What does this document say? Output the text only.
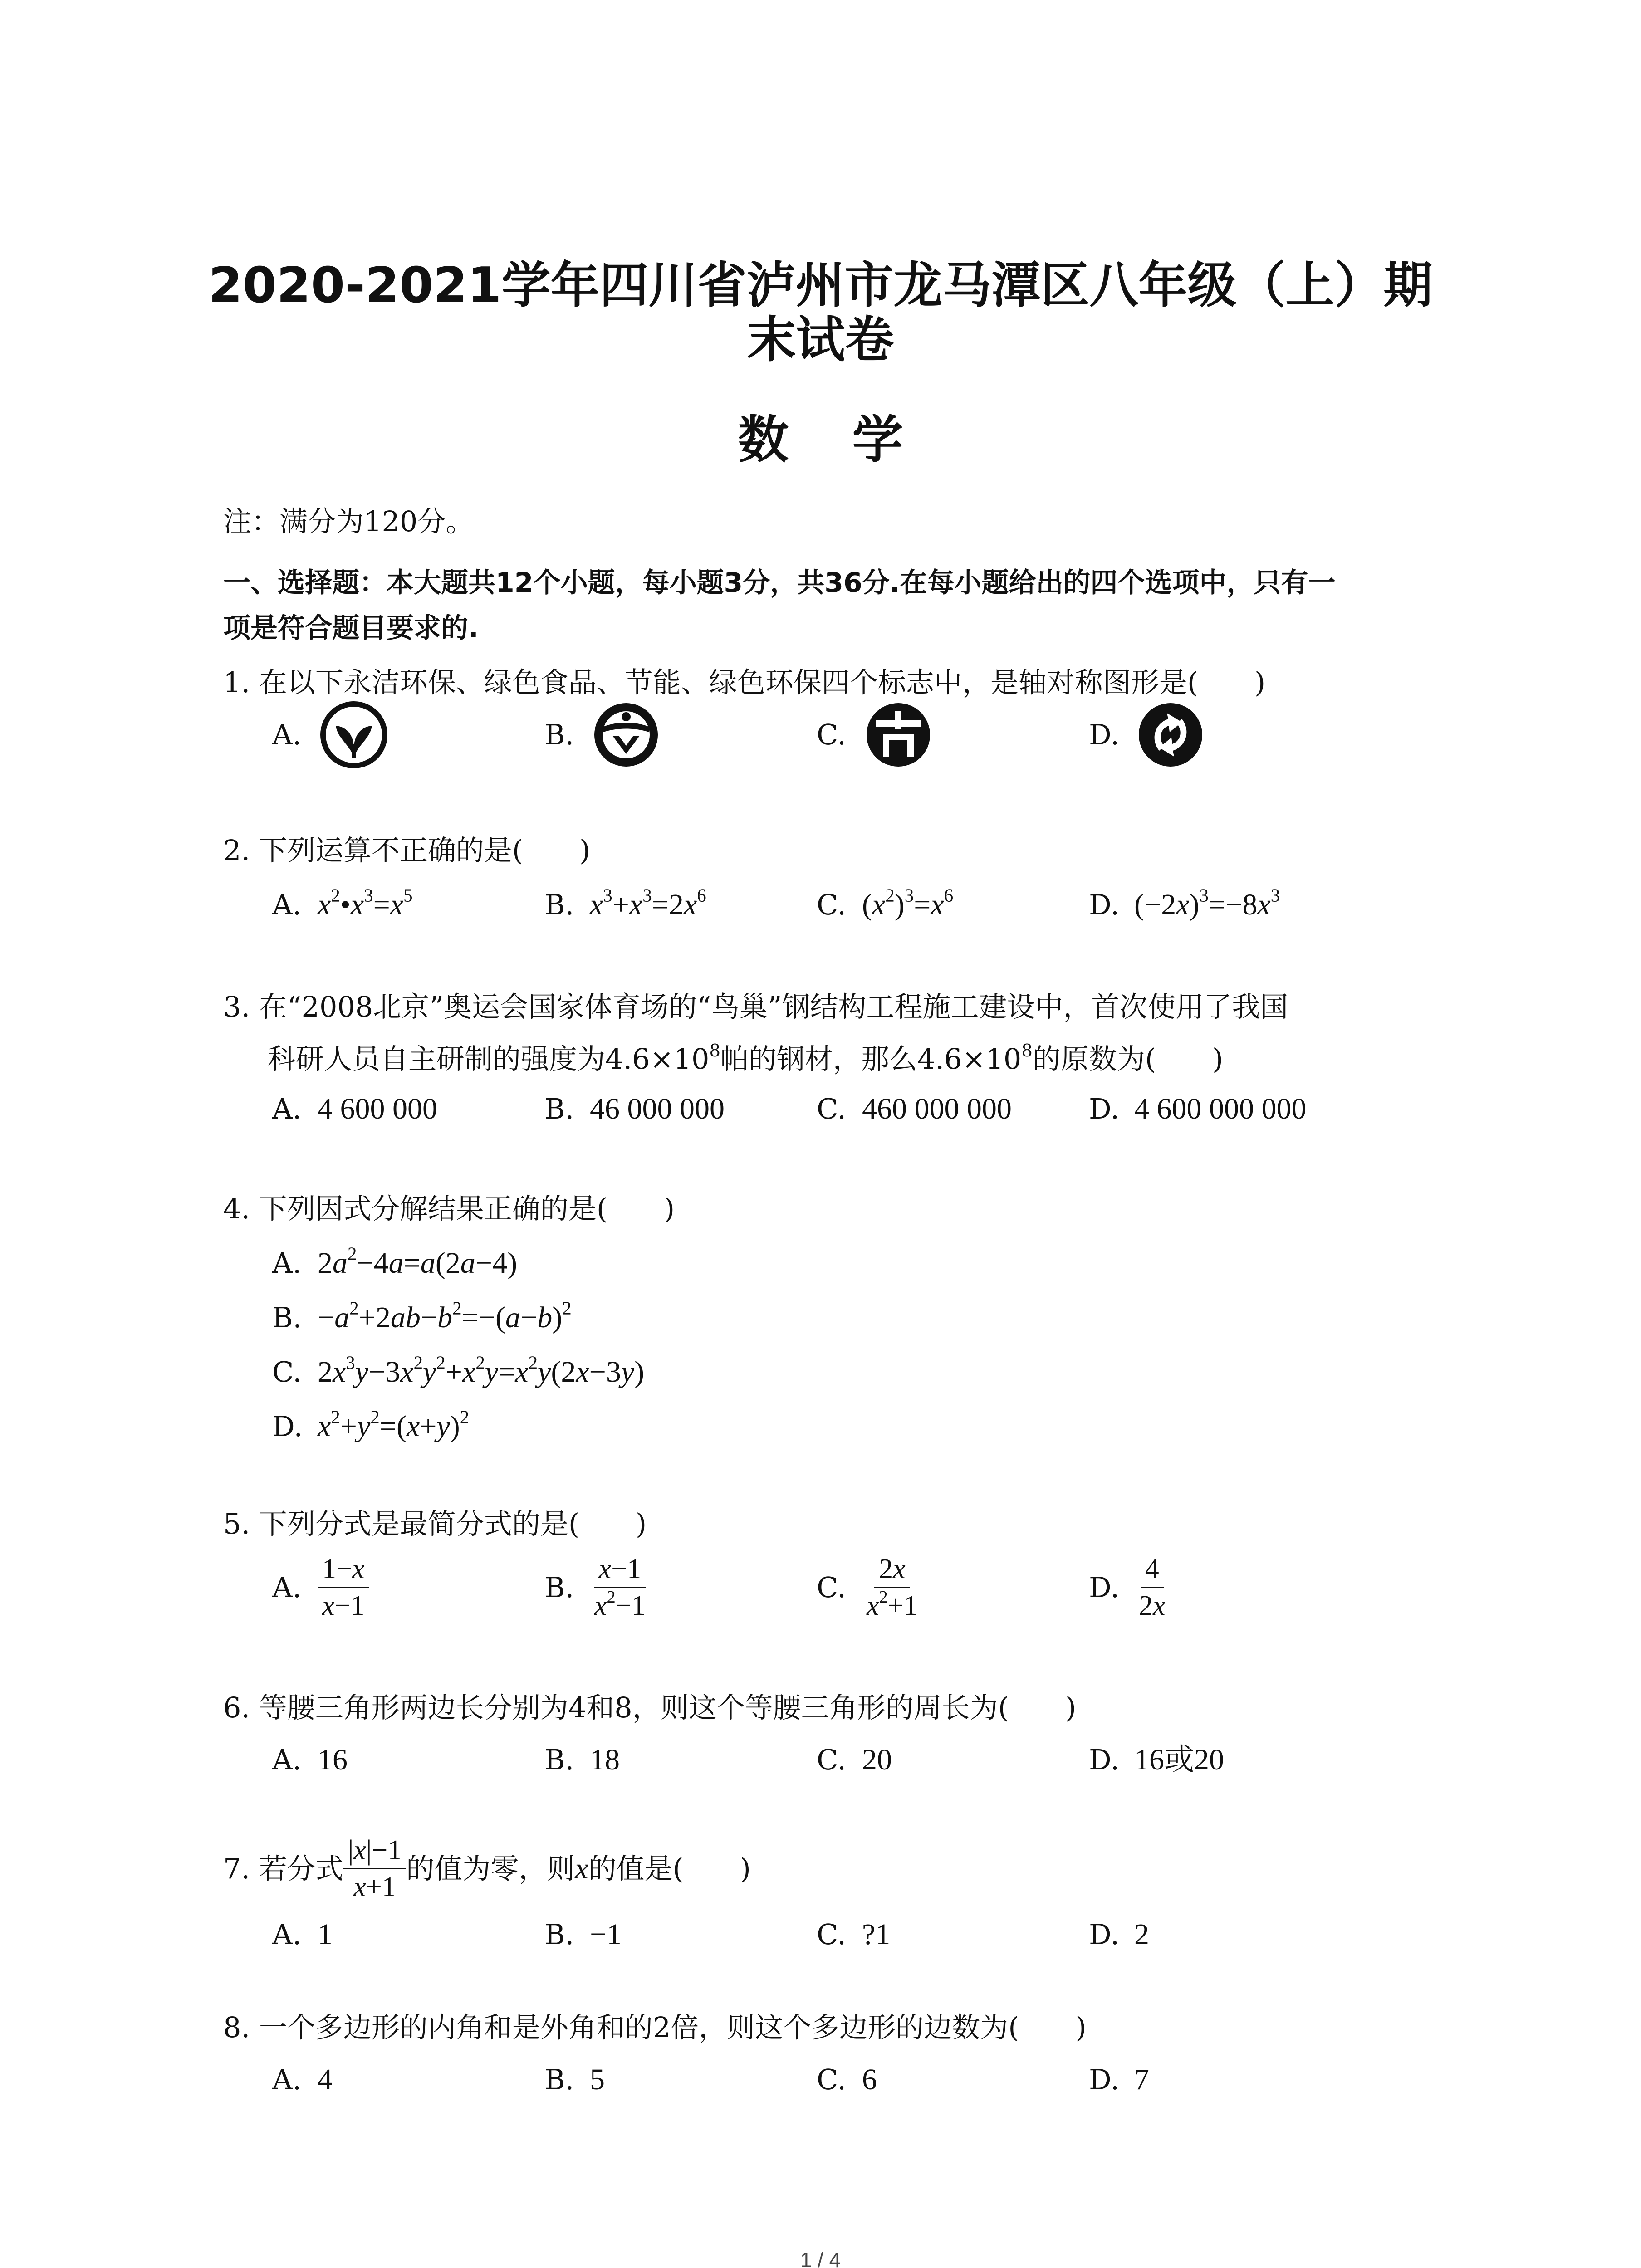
2020-2021学年四川省泸州市龙马潭区八年级（上）期
末试卷
数学
注：满分为120分。
一、选择题：本大题共12个小题，每小题3分，共36分.在每小题给出的四个选项中，只有一
项是符合题目要求的.
1. 在以下永洁环保、绿色食品、节能、绿色环保四个标志中，是轴对称图形是(　　)
A.	B.	C.	D.
2. 下列运算不正确的是(　　)
A. $x^2•x^3=x^5$	B. $x^3+x^3=2x^6$	C. $(x^2)^3=x^6$	D. $(-2x)^3=-8x^3$
3. 在“2008北京”奥运会国家体育场的“鸟巢”钢结构工程施工建设中，首次使用了我国
科研人员自主研制的强度为$4.6\times 10^8$帕的钢材，那么$4.6\times 10^8$的原数为(　　)
A. 4 600 000	B. 46 000 000	C. 460 000 000	D. 4 600 000 000
4. 下列因式分解结果正确的是(　　)
A. $2a^2-4a=a(2a-4)$
B. $-a^2+2ab-b^2=-(a-b)^2$
C. $2x^3y-3x^2y^2+x^2y=x^2y(2x-3y)$
D. $x^2+y^2=(x+y)^2$
5. 下列分式是最简分式的是(　　)
A. $\frac{1-x}{x-1}$	B. $\frac{x-1}{x^2-1}$	C. $\frac{2x}{x^2+1}$	D. $\frac{4}{2x}$
6. 等腰三角形两边长分别为4和8，则这个等腰三角形的周长为(　　)
A. 16	B. 18	C. 20	D. 16或20
7. 若分式 $\frac{|x|-1}{x+1}$ 的值为零，则 x 的值是(　　)
A. 1	B. −1	C. ?1	D. 2
8. 一个多边形的内角和是外角和的2倍，则这个多边形的边数为(　　)
A. 4	B. 5	C. 6	D. 7
1 / 4
